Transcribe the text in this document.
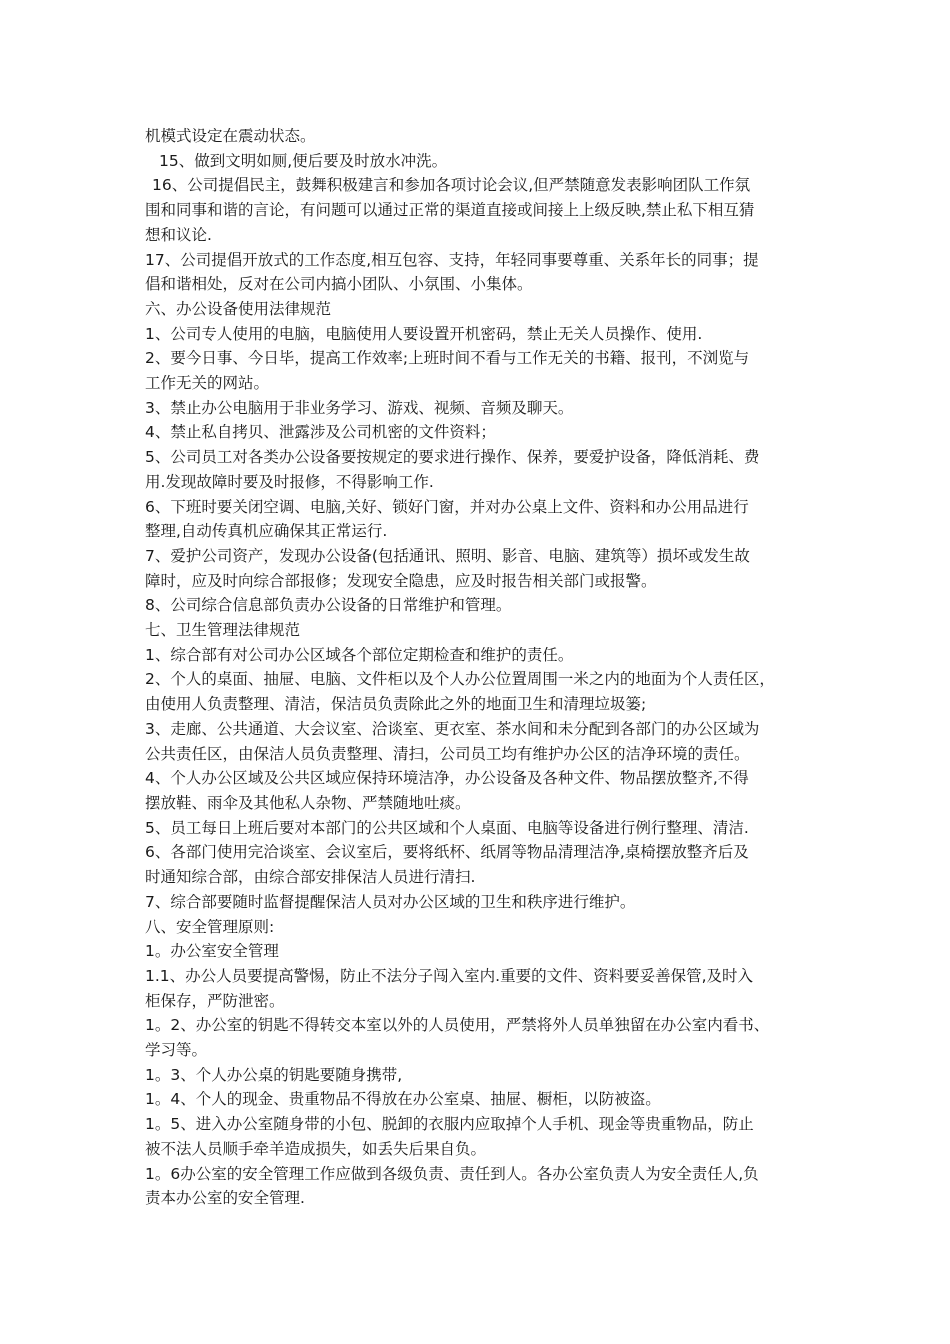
机模式设定在震动状态。

15、做到文明如厕,便后要及时放水冲洗。

16、公司提倡民主，鼓舞积极建言和参加各项讨论会议,但严禁随意发表影响团队工作氛

围和同事和谐的言论，有问题可以通过正常的渠道直接或间接上上级反映,禁止私下相互猜

想和议论.

17、公司提倡开放式的工作态度,相互包容、支持，年轻同事要尊重、关系年长的同事；提

倡和谐相处，反对在公司内搞小团队、小氛围、小集体。

六、办公设备使用法律规范

1、公司专人使用的电脑，电脑使用人要设置开机密码，禁止无关人员操作、使用.

2、要今日事、今日毕，提高工作效率;上班时间不看与工作无关的书籍、报刊，不浏览与

工作无关的网站。

3、禁止办公电脑用于非业务学习、游戏、视频、音频及聊天。

4、禁止私自拷贝、泄露涉及公司机密的文件资料；

5、公司员工对各类办公设备要按规定的要求进行操作、保养，要爱护设备，降低消耗、费

用.发现故障时要及时报修，不得影响工作.

6、下班时要关闭空调、电脑,关好、锁好门窗，并对办公桌上文件、资料和办公用品进行

整理,自动传真机应确保其正常运行.

7、爱护公司资产，发现办公设备(包括通讯、照明、影音、电脑、建筑等）损坏或发生故

障时，应及时向综合部报修；发现安全隐患，应及时报告相关部门或报警。

8、公司综合信息部负责办公设备的日常维护和管理。

七、卫生管理法律规范

1、综合部有对公司办公区域各个部位定期检查和维护的责任。

2、个人的桌面、抽屉、电脑、文件柜以及个人办公位置周围一米之内的地面为个人责任区，

由使用人负责整理、清洁，保洁员负责除此之外的地面卫生和清理垃圾篓;

3、走廊、公共通道、大会议室、洽谈室、更衣室、茶水间和未分配到各部门的办公区域为

公共责任区，由保洁人员负责整理、清扫，公司员工均有维护办公区的洁净环境的责任。

4、个人办公区域及公共区域应保持环境洁净，办公设备及各种文件、物品摆放整齐,不得

摆放鞋、雨伞及其他私人杂物、严禁随地吐痰。

5、员工每日上班后要对本部门的公共区域和个人桌面、电脑等设备进行例行整理、清洁.

6、各部门使用完洽谈室、会议室后，要将纸杯、纸屑等物品清理洁净,桌椅摆放整齐后及

时通知综合部，由综合部安排保洁人员进行清扫.

7、综合部要随时监督提醒保洁人员对办公区域的卫生和秩序进行维护。

八、安全管理原则:

1。办公室安全管理

1.1、办公人员要提高警惕，防止不法分子闯入室内.重要的文件、资料要妥善保管,及时入

柜保存，严防泄密。

1。2、办公室的钥匙不得转交本室以外的人员使用，严禁将外人员单独留在办公室内看书、

学习等。

1。3、个人办公桌的钥匙要随身携带,

1。4、个人的现金、贵重物品不得放在办公室桌、抽屉、橱柜，以防被盗。

1。5、进入办公室随身带的小包、脱卸的衣服内应取掉个人手机、现金等贵重物品，防止

被不法人员顺手牵羊造成损失，如丢失后果自负。

1。6办公室的安全管理工作应做到各级负责、责任到人。各办公室负责人为安全责任人,负

责本办公室的安全管理.
